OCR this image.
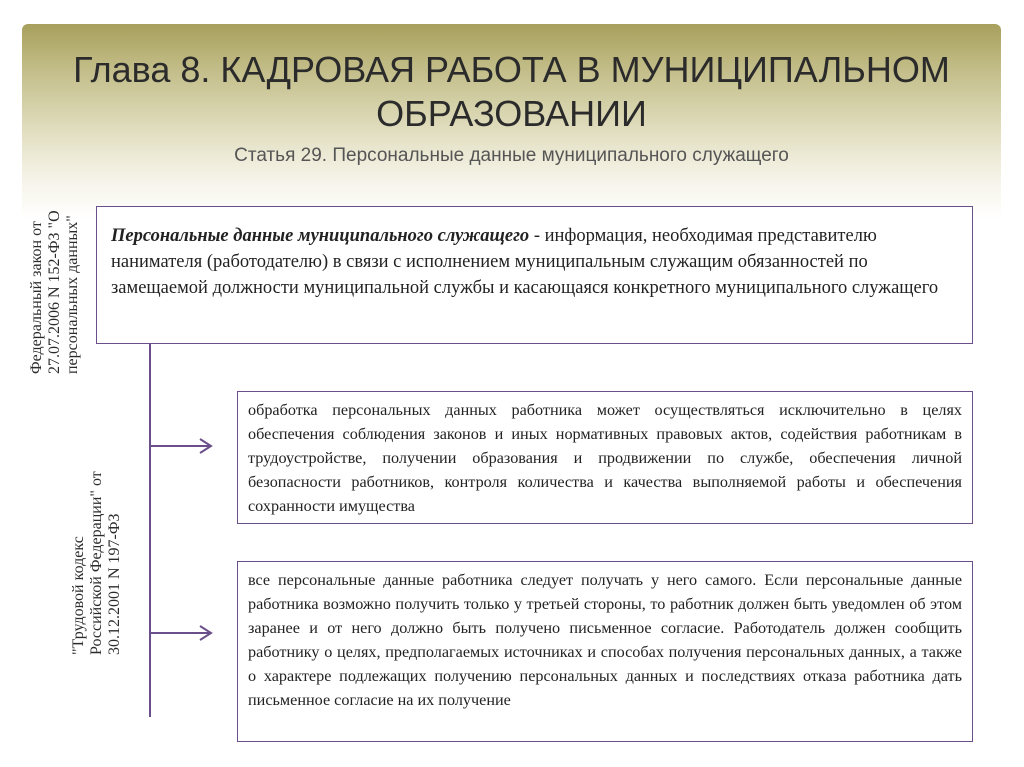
Глава 8. КАДРОВАЯ РАБОТА В МУНИЦИПАЛЬНОМ
ОБРАЗОВАНИИ
Статья 29. Персональные данные муниципального служащего
Федеральный закон от 27.07.2006 N 152-ФЗ "О персональных данных"
"Трудовой кодекс Российской Федерации" от 30.12.2001 N 197-ФЗ
Персональные данные муниципального служащего - информация, необходимая представителю нанимателя (работодателю) в связи с исполнением муниципальным служащим обязанностей по замещаемой должности муниципальной службы и касающаяся конкретного муниципального служащего
обработка персональных данных работника может осуществляться исключительно в целях обеспечения соблюдения законов и иных нормативных правовых актов, содействия работникам в трудоустройстве, получении образования и продвижении по службе, обеспечения личной безопасности работников, контроля количества и качества выполняемой работы и обеспечения сохранности имущества
все персональные данные работника следует получать у него самого. Если персональные данные работника возможно получить только у третьей стороны, то работник должен быть уведомлен об этом заранее и от него должно быть получено письменное согласие. Работодатель должен сообщить работнику о целях, предполагаемых источниках и способах получения персональных данных, а также о характере подлежащих получению персональных данных и последствиях отказа работника дать письменное согласие на их получение
